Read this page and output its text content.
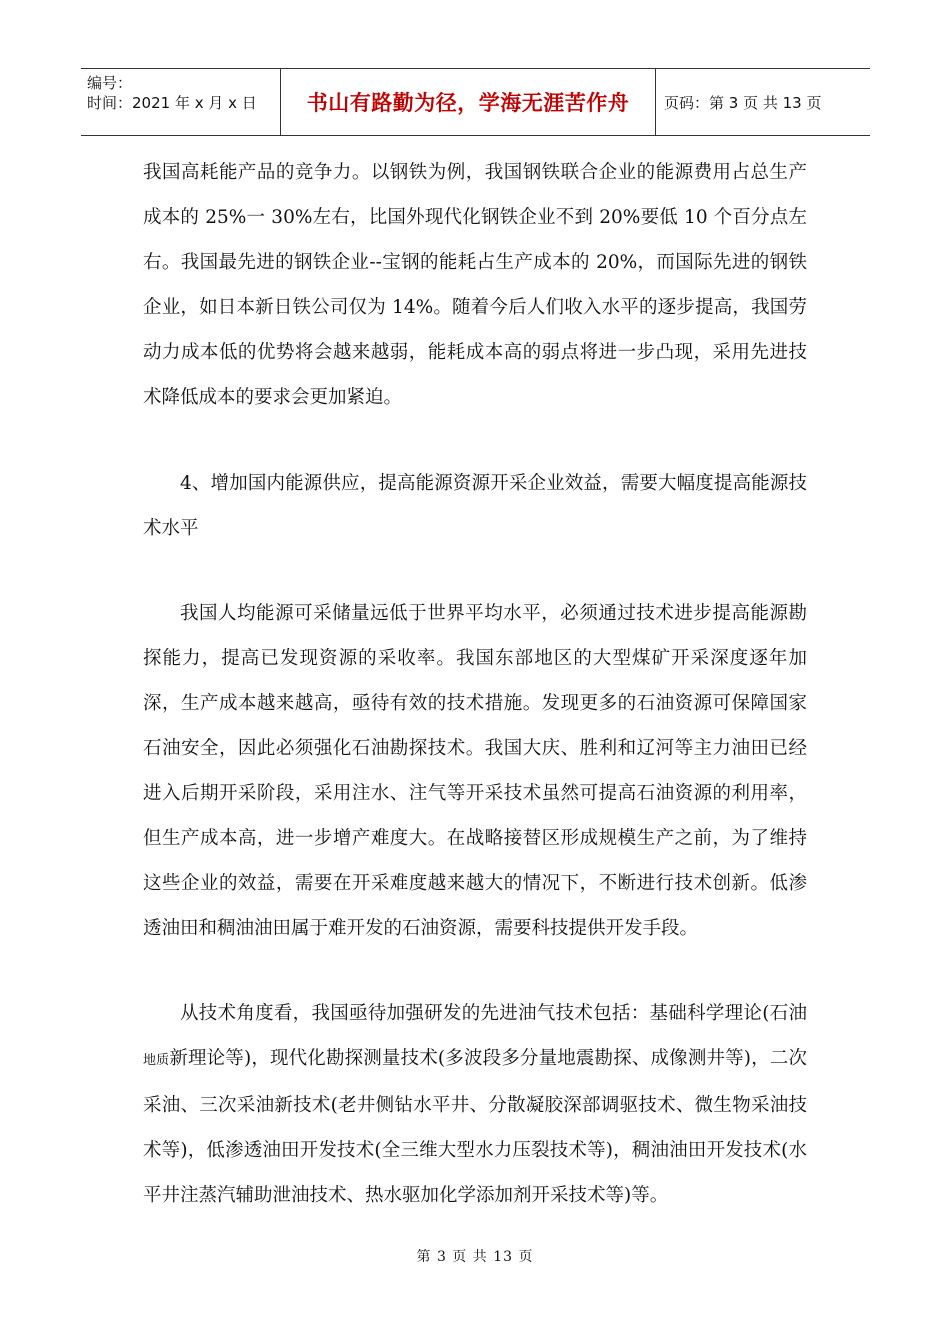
编号：
时间：2021 年 x 月 x 日	书山有路勤为径，学海无涯苦作舟 页码：第 3 页 共 13 页

我国高耗能产品的竞争力。以钢铁为例，我国钢铁联合企业的能源费用占总生产成本的 25%一 30%左右，比国外现代化钢铁企业不到 20%要低 10 个百分点左右。我国最先进的钢铁企业--宝钢的能耗占生产成本的 20%，而国际先进的钢铁企业，如日本新日铁公司仅为 14%。随着今后人们收入水平的逐步提高，我国劳动力成本低的优势将会越来越弱，能耗成本高的弱点将进一步凸现，采用先进技术降低成本的要求会更加紧迫。

4、增加国内能源供应，提高能源资源开采企业效益，需要大幅度提高能源技术水平

我国人均能源可采储量远低于世界平均水平，必须通过技术进步提高能源勘探能力，提高已发现资源的采收率。我国东部地区的大型煤矿开采深度逐年加深，生产成本越来越高，亟待有效的技术措施。发现更多的石油资源可保障国家石油安全，因此必须强化石油勘探技术。我国大庆、胜利和辽河等主力油田已经进入后期开采阶段，采用注水、注气等开采技术虽然可提高石油资源的利用率，但生产成本高，进一步增产难度大。在战略接替区形成规模生产之前，为了维持这些企业的效益，需要在开采难度越来越大的情况下，不断进行技术创新。低渗透油田和稠油油田属于难开发的石油资源，需要科技提供开发手段。

从技术角度看，我国亟待加强研发的先进油气技术包括：基础科学理论(石油地质新理论等)，现代化勘探测量技术(多波段多分量地震勘探、成像测井等)，二次采油、三次采油新技术(老井侧钻水平井、分散凝胶深部调驱技术、微生物采油技术等)，低渗透油田开发技术(全三维大型水力压裂技术等)，稠油油田开发技术(水平井注蒸汽辅助泄油技术、热水驱加化学添加剂开采技术等)等。

第 3 页 共 13 页
